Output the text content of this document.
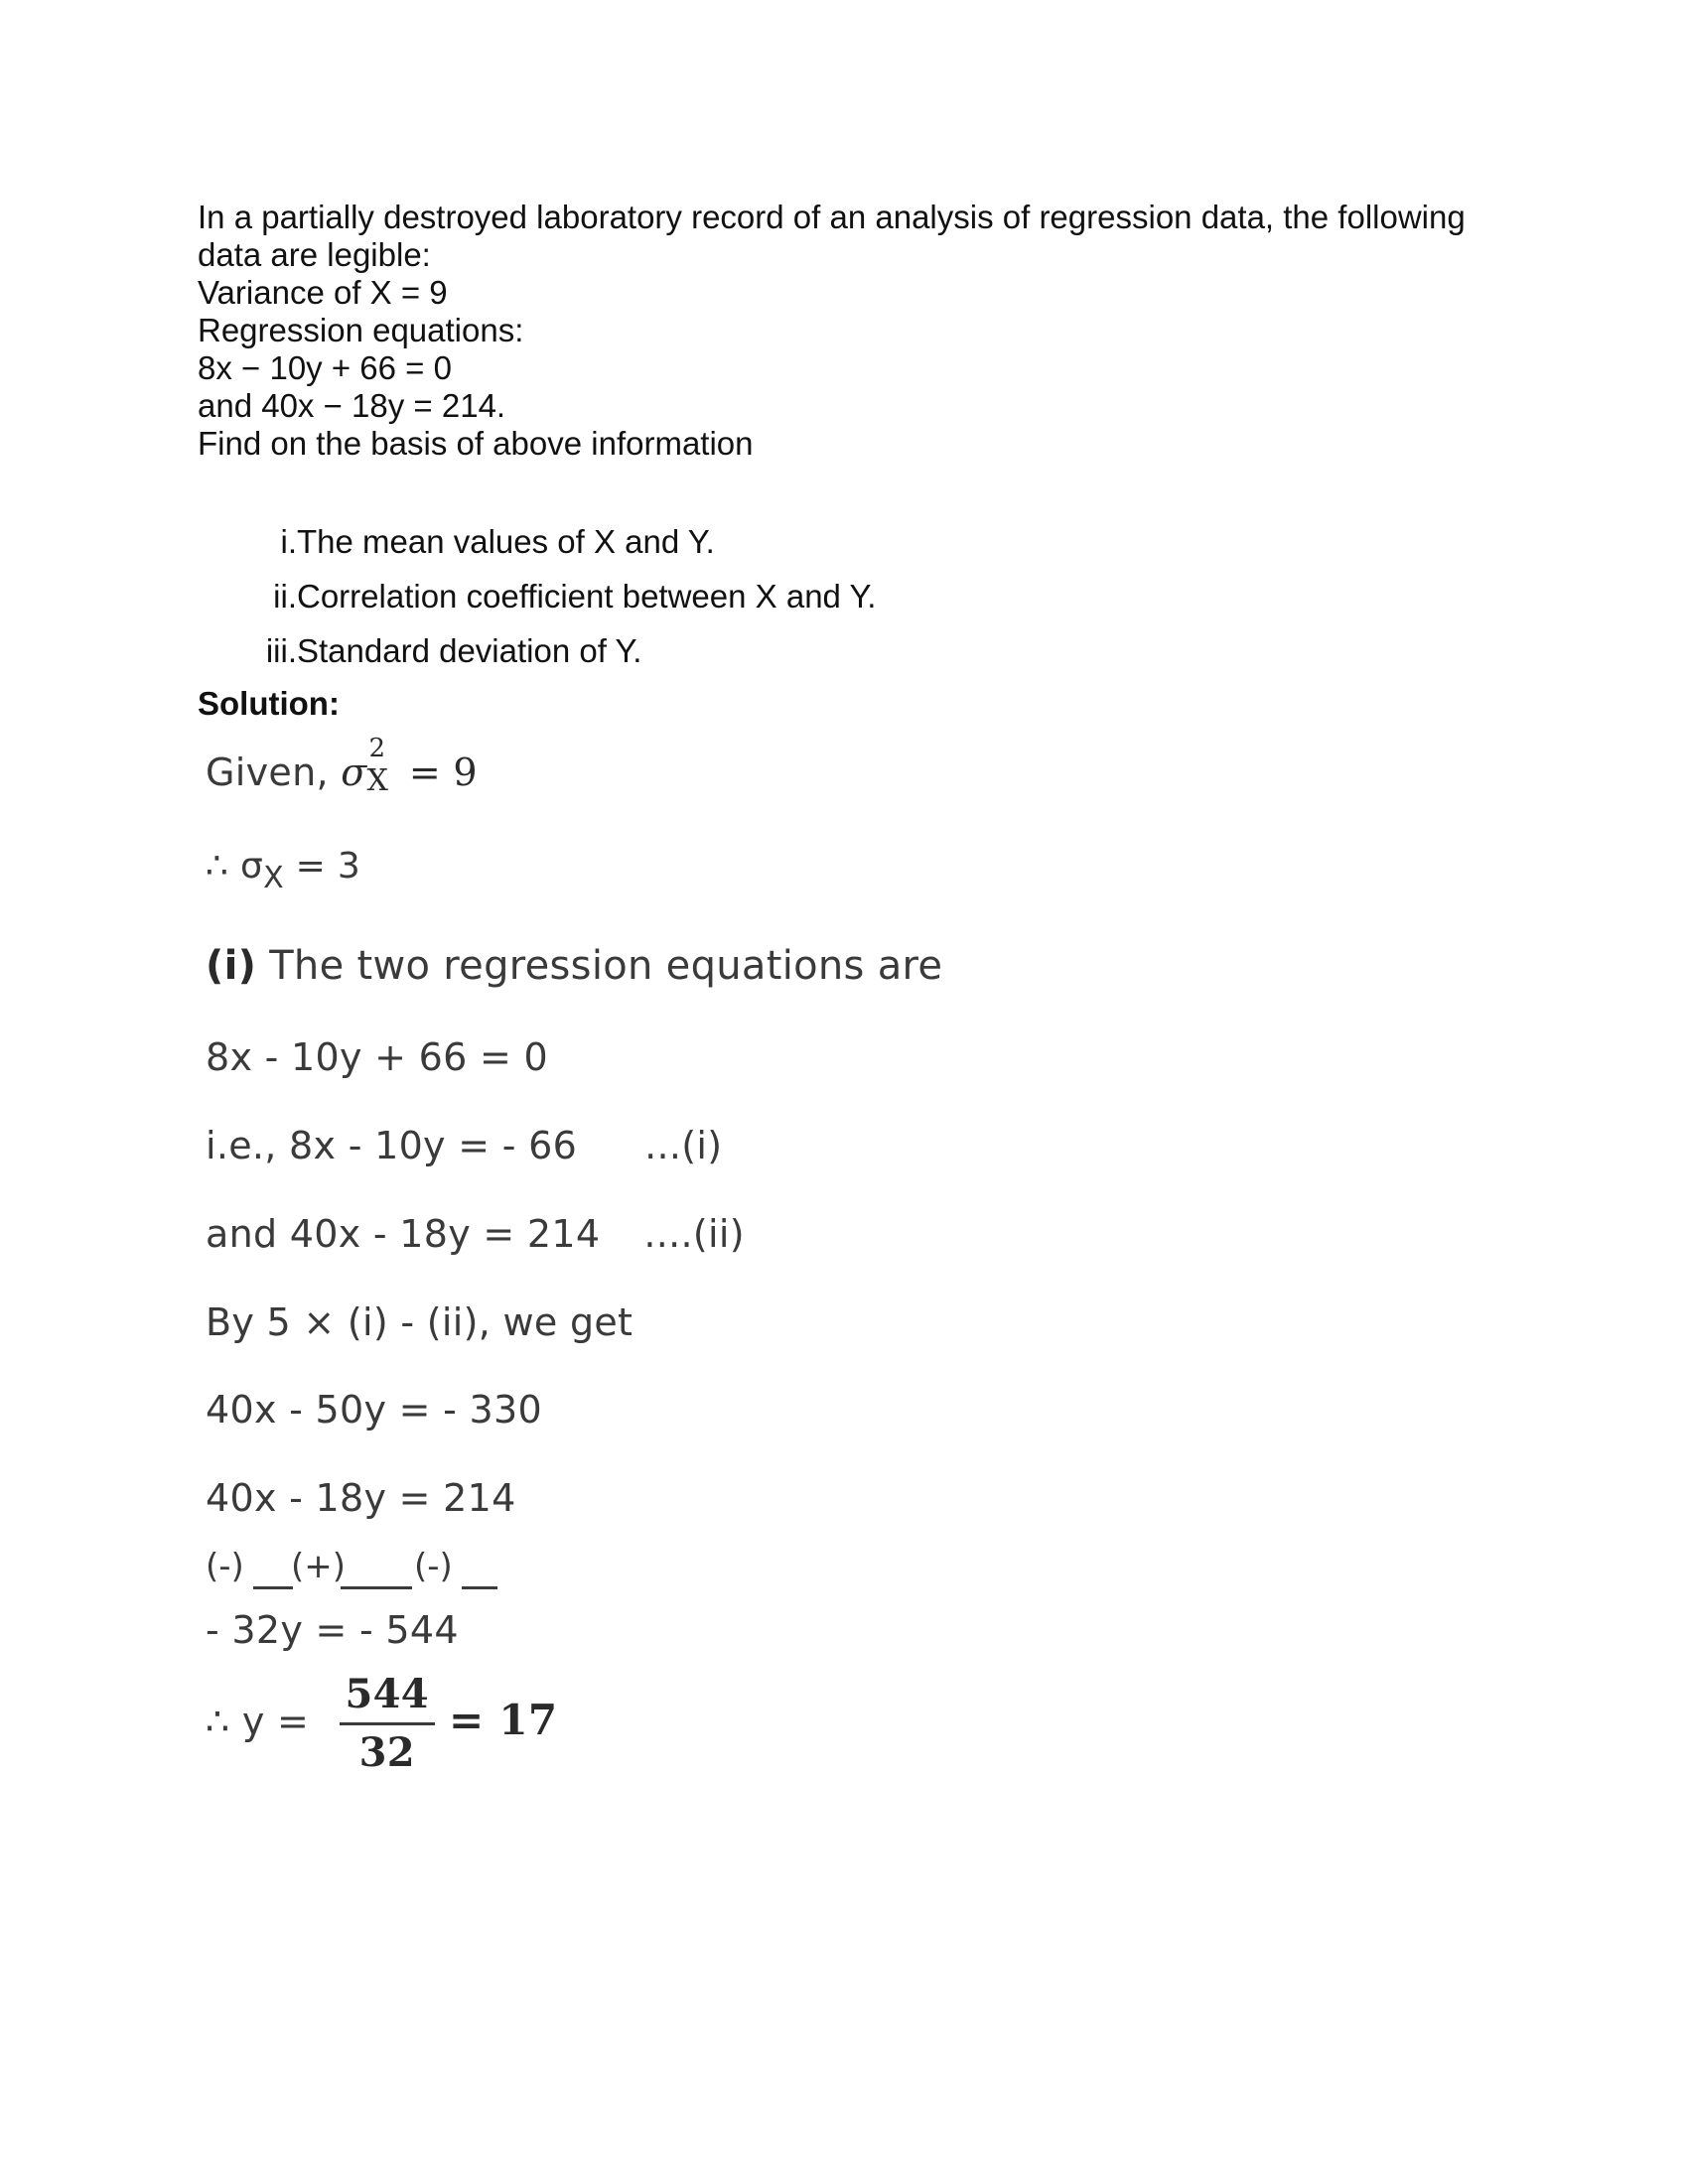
In a partially destroyed laboratory record of an analysis of regression data, the following data are legible:
Variance of X = 9
Regression equations:
8x − 10y + 66 = 0
and 40x − 18y = 214.
Find on the basis of above information
i. The mean values of X and Y.
ii. Correlation coefficient between X and Y.
iii. Standard deviation of Y.
Solution:
Given, σ
2
X = 9
∴ $\sigma_X = 3$
(i) The two regression equations are
8x - 10y + 66 = 0
i.e., 8x - 10y = - 66 ...(i)
and 40x - 18y = 214 ....(ii)
By 5 × (i) - (ii), we get
40x - 50y = - 330
40x - 18y = 214
(-) (+) (-)
- 32y = - 544
∴ $y = \frac{544}{32} = 17$
